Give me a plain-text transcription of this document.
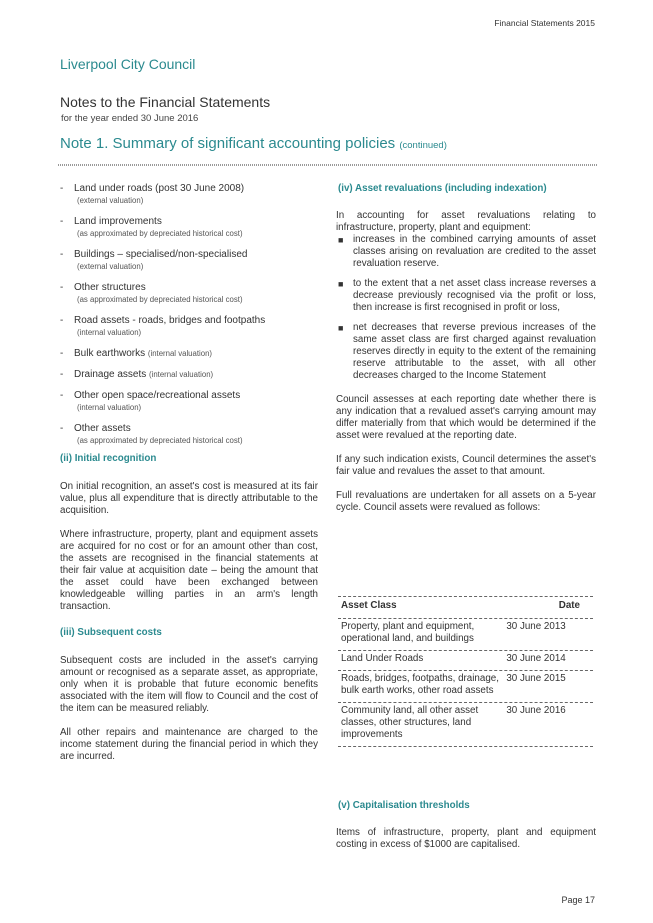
Financial Statements 2015
Liverpool City Council
Notes to the Financial Statements
for the year ended 30 June 2016
Note 1. Summary of significant accounting policies (continued)
- Land under roads (post 30 June 2008)
(external valuation)
- Land improvements
(as approximated by depreciated historical cost)
- Buildings – specialised/non-specialised
(external valuation)
- Other structures
(as approximated by depreciated historical cost)
- Road assets - roads, bridges and footpaths
(internal valuation)
- Bulk earthworks (internal valuation)
- Drainage assets (internal valuation)
- Other open space/recreational assets
(internal valuation)
- Other assets
(as approximated by depreciated historical cost)

(ii) Initial recognition

On initial recognition, an asset's cost is measured at its fair value, plus all expenditure that is directly attributable to the acquisition.

Where infrastructure, property, plant and equipment assets are acquired for no cost or for an amount other than cost, the assets are recognised in the financial statements at their fair value at acquisition date – being the amount that the asset could have been exchanged between knowledgeable willing parties in an arm's length transaction.

(iii) Subsequent costs

Subsequent costs are included in the asset's carrying amount or recognised as a separate asset, as appropriate, only when it is probable that future economic benefits associated with the item will flow to Council and the cost of the item can be measured reliably.

All other repairs and maintenance are charged to the income statement during the financial period in which they are incurred.

(iv) Asset revaluations (including indexation)

In accounting for asset revaluations relating to infrastructure, property, plant and equipment:

■ increases in the combined carrying amounts of asset classes arising on revaluation are credited to the asset revaluation reserve.
■ to the extent that a net asset class increase reverses a decrease previously recognised via the profit or loss, then increase is first recognised in profit or loss,
■ net decreases that reverse previous increases of the same asset class are first charged against revaluation reserves directly in equity to the extent of the remaining reserve attributable to the asset, with all other decreases charged to the Income Statement

Council assesses at each reporting date whether there is any indication that a revalued asset's carrying amount may differ materially from that which would be determined if the asset were revalued at the reporting date.

If any such indication exists, Council determines the asset's fair value and revalues the asset to that amount.

Full revaluations are undertaken for all assets on a 5-year cycle. Council assets were revalued as follows:

Asset Class	Date
Property, plant and equipment, operational land, and buildings
30 June 2013
Land Under Roads	30 June 2014
Roads, bridges, footpaths, drainage, bulk earth works, other road assets
30 June 2015
Community land, all other asset classes, other structures, land improvements
30 June 2016

(v) Capitalisation thresholds

Items of infrastructure, property, plant and equipment costing in excess of $1000 are capitalised.

Page 17
